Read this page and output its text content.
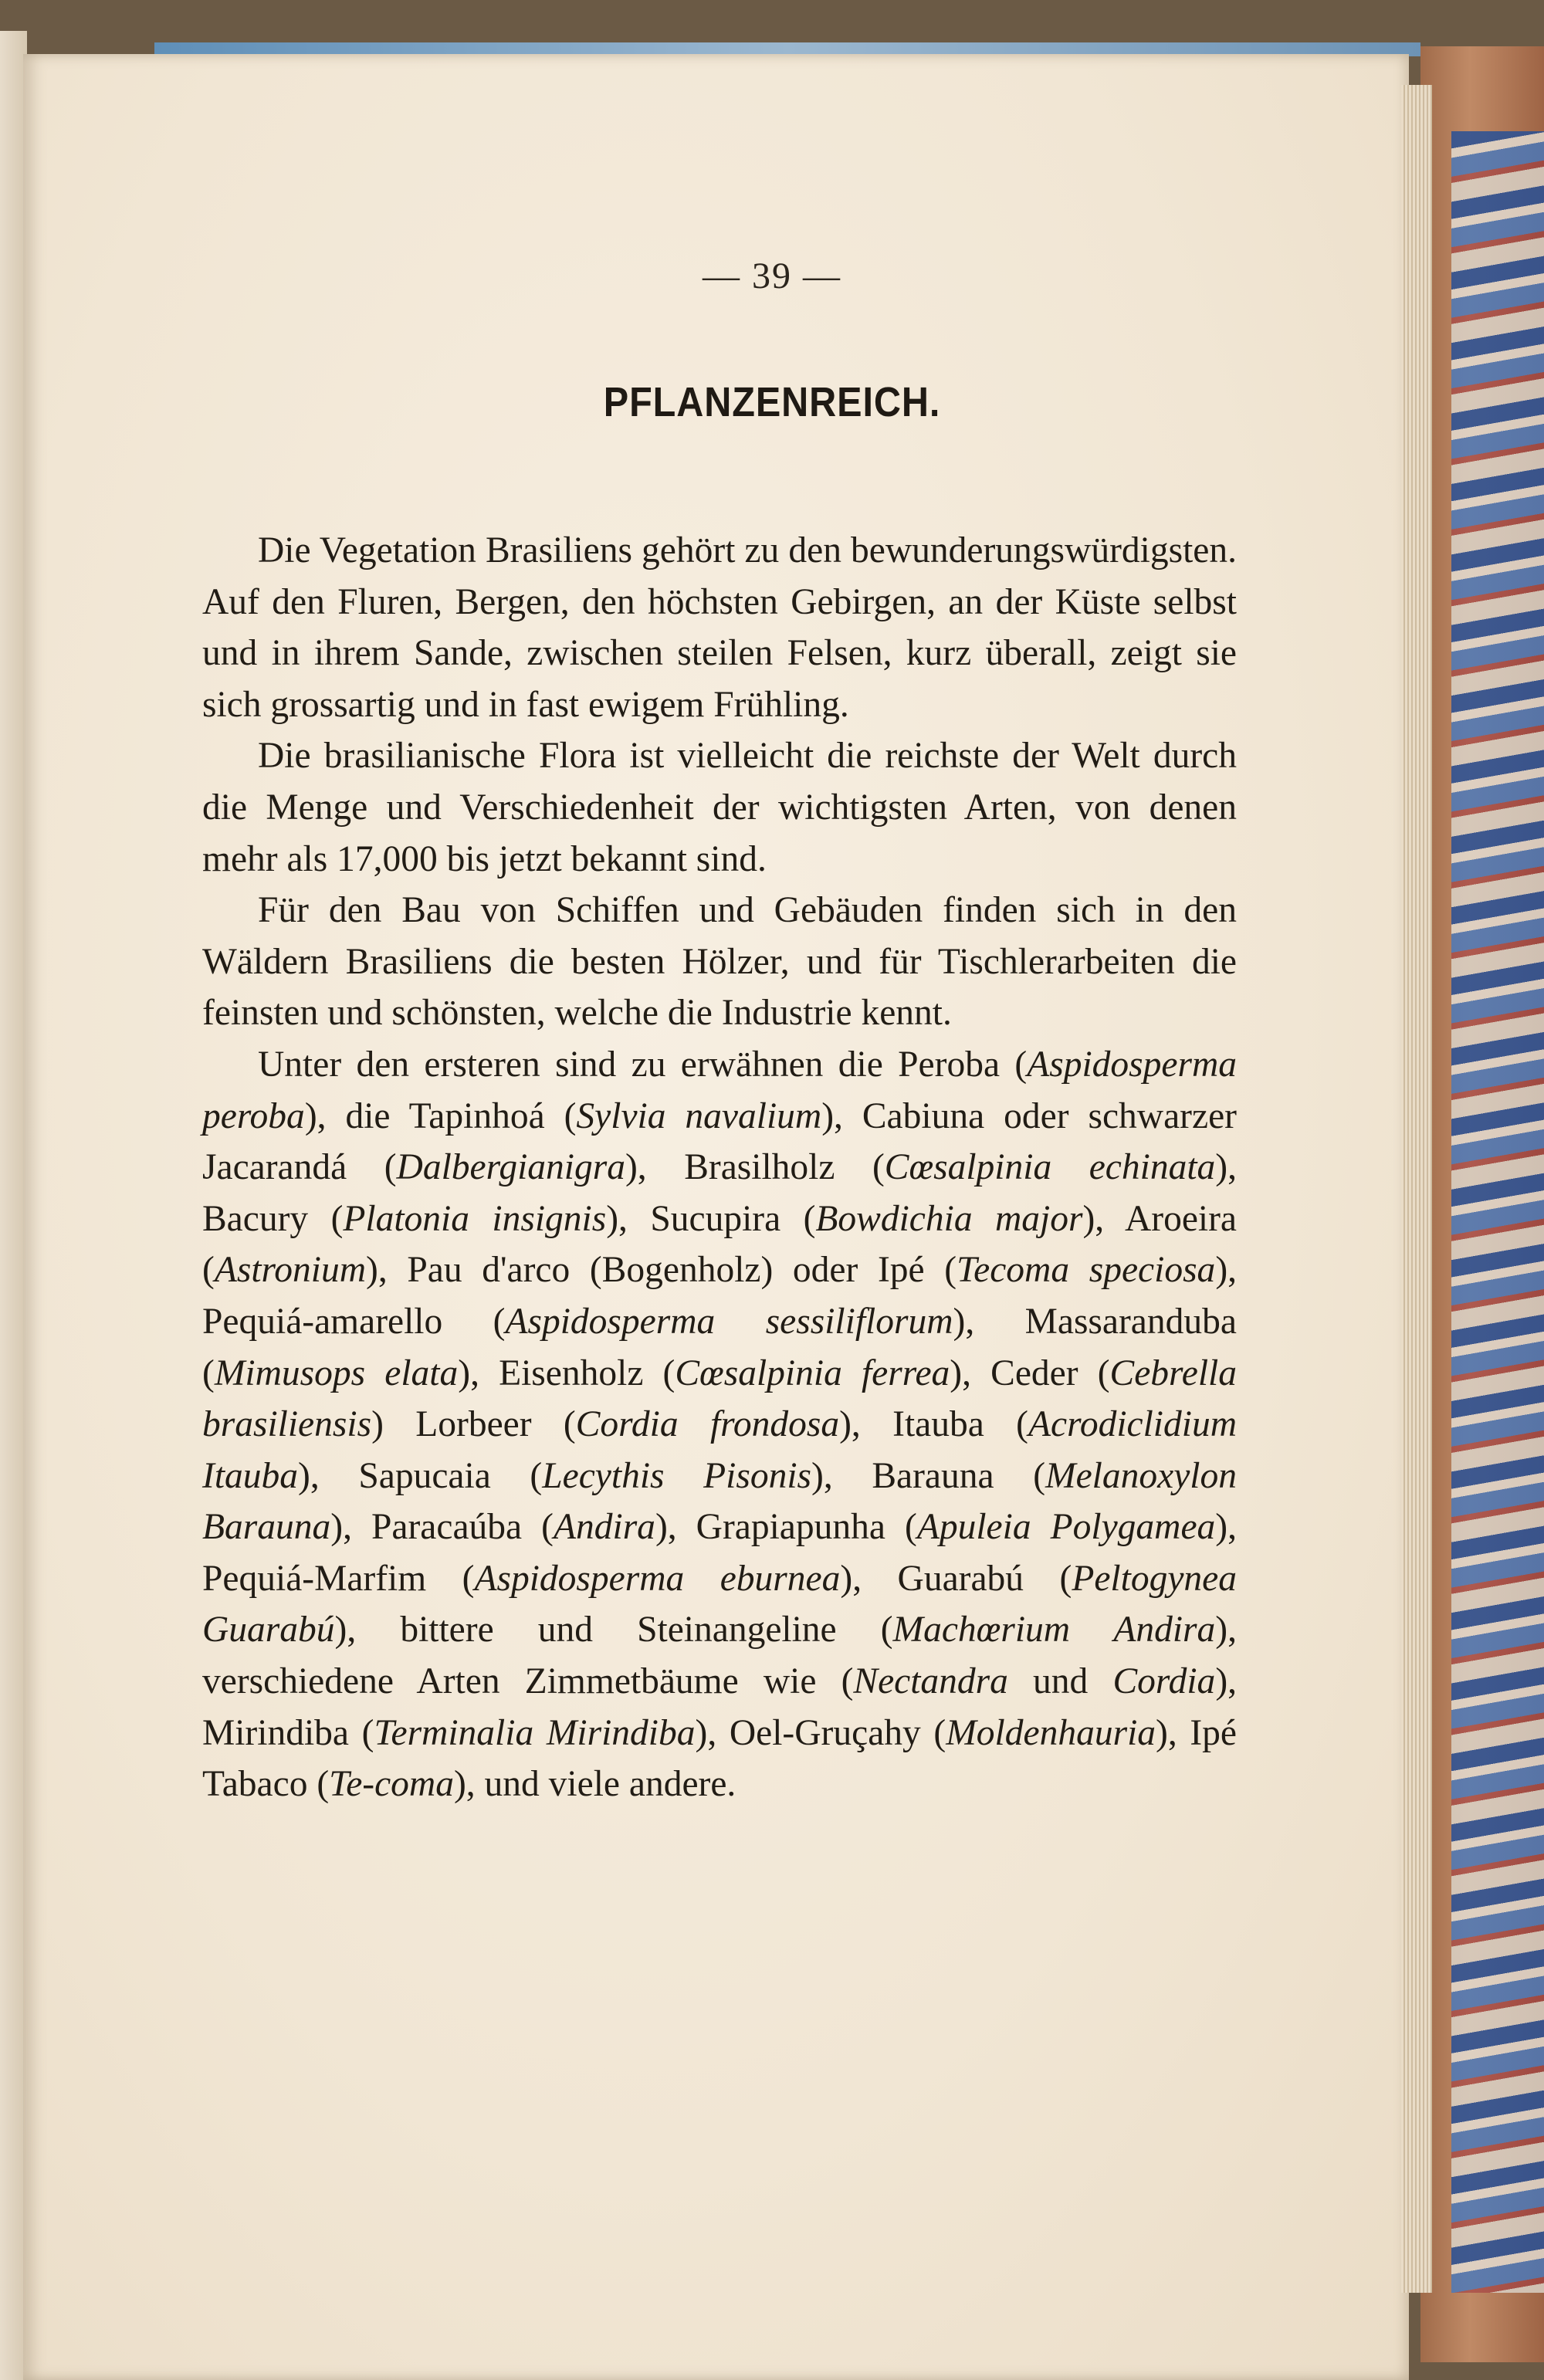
— 39 —
PFLANZENREICH.

Die Vegetation Brasiliens gehört zu den bewunderungswürdigsten. Auf den Fluren, Bergen, den höchsten Gebirgen, an der Küste selbst und in ihrem Sande, zwischen steilen Felsen, kurz überall, zeigt sie sich grossartig und in fast ewigem Frühling.

Die brasilianische Flora ist vielleicht die reichste der Welt durch die Menge und Verschiedenheit der wichtigsten Arten, von denen mehr als 17,000 bis jetzt bekannt sind.

Für den Bau von Schiffen und Gebäuden finden sich in den Wäldern Brasiliens die besten Hölzer, und für Tischlerarbeiten die feinsten und schönsten, welche die Industrie kennt.

Unter den ersteren sind zu erwähnen die Peroba (Aspidosperma peroba), die Tapinhoá (Sylvia navalium), Cabiuna oder schwarzer Jacarandá (Dalbergianigra), Brasilholz (Cœsalpinia echinata), Bacury (Platonia insignis), Sucupira (Bowdichia major), Aroeira (Astronium), Pau d'arco (Bogenholz) oder Ipé (Tecoma speciosa), Pequiá-amarello (Aspidosperma sessiliflorum), Massaranduba (Mimusops elata), Eisenholz (Cœsalpinia ferrea), Ceder (Cebrella brasiliensis) Lorbeer (Cordia frondosa), Itauba (Acrodiclidium Itauba), Sapucaia (Lecythis Pisonis), Barauna (Melanoxylon Barauna), Paracaúba (Andira), Grapiapunha (Apuleia Polygamea), Pequiá-Marfim (Aspidosperma eburnea), Guarabú (Peltogynea Guarabú), bittere und Steinangeline (Machœrium Andira), verschiedene Arten Zimmetbäume wie (Nectandra und Cordia), Mirindiba (Terminalia Mirindiba), Oel-Gruçahy (Moldenhauria), Ipé Tabaco (Te-coma), und viele andere.
